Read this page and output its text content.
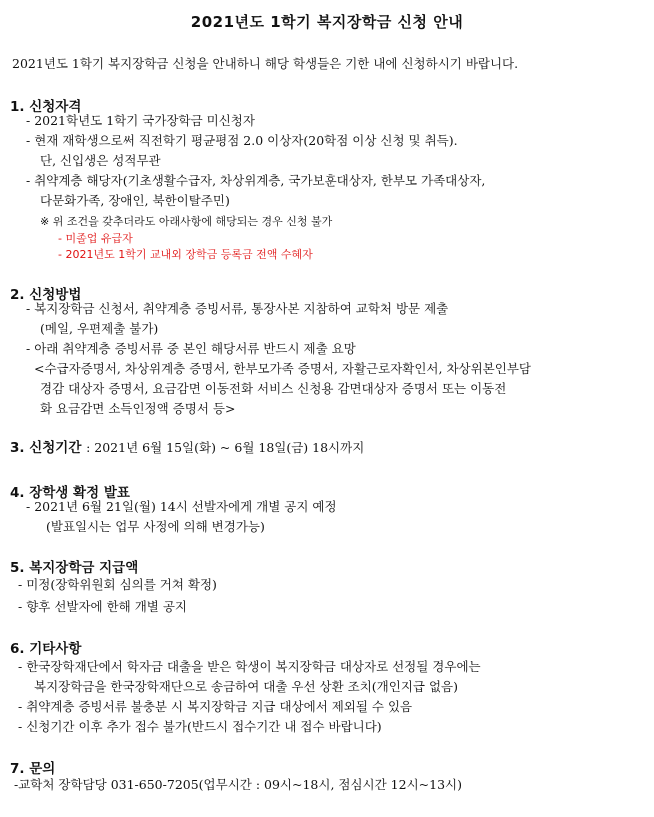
2021년도 1학기 복지장학금 신청 안내
2021년도 1학기 복지장학금 신청을 안내하니 해당 학생들은 기한 내에 신청하시기 바랍니다.
1. 신청자격
- 2021학년도 1학기 국가장학금 미신청자
- 현재 재학생으로써 직전학기 평균평점 2.0 이상자(20학점 이상 신청 및 취득).
단, 신입생은 성적무관
- 취약계층 해당자(기초생활수급자, 차상위계층, 국가보훈대상자, 한부모 가족대상자,
다문화가족, 장애인, 북한이탈주민)
※ 위 조건을 갖추더라도 아래사항에 해당되는 경우 신청 불가
- 미졸업 유급자
- 2021년도 1학기 교내외 장학금 등록금 전액 수혜자
2. 신청방법
- 복지장학금 신청서, 취약계층 증빙서류, 통장사본 지참하여 교학처 방문 제출
(메일, 우편제출 불가)
- 아래 취약계층 증빙서류 중 본인 해당서류 반드시 제출 요망
<수급자증명서, 차상위계층 증명서, 한부모가족 증명서, 자활근로자확인서, 차상위본인부담
경감 대상자 증명서, 요금감면 이동전화 서비스 신청용 감면대상자 증명서 또는 이동전
화 요금감면 소득인정액 증명서 등>
3. 신청기간 : 2021년 6월 15일(화) ~ 6월 18일(금) 18시까지
4. 장학생 확정 발표
- 2021년 6월 21일(월) 14시 선발자에게 개별 공지 예정
(발표일시는 업무 사정에 의해 변경가능)
5. 복지장학금 지급액
- 미정(장학위원회 심의를 거쳐 확정)
- 향후 선발자에 한해 개별 공지
6. 기타사항
- 한국장학재단에서 학자금 대출을 받은 학생이 복지장학금 대상자로 선정될 경우에는
복지장학금을 한국장학재단으로 송금하여 대출 우선 상환 조치(개인지급 없음)
- 취약계층 증빙서류 불충분 시 복지장학금 지급 대상에서 제외될 수 있음
- 신청기간 이후 추가 접수 불가(반드시 접수기간 내 접수 바랍니다)
7. 문의
-교학처 장학담당 031-650-7205(업무시간 : 09시~18시, 점심시간 12시~13시)
